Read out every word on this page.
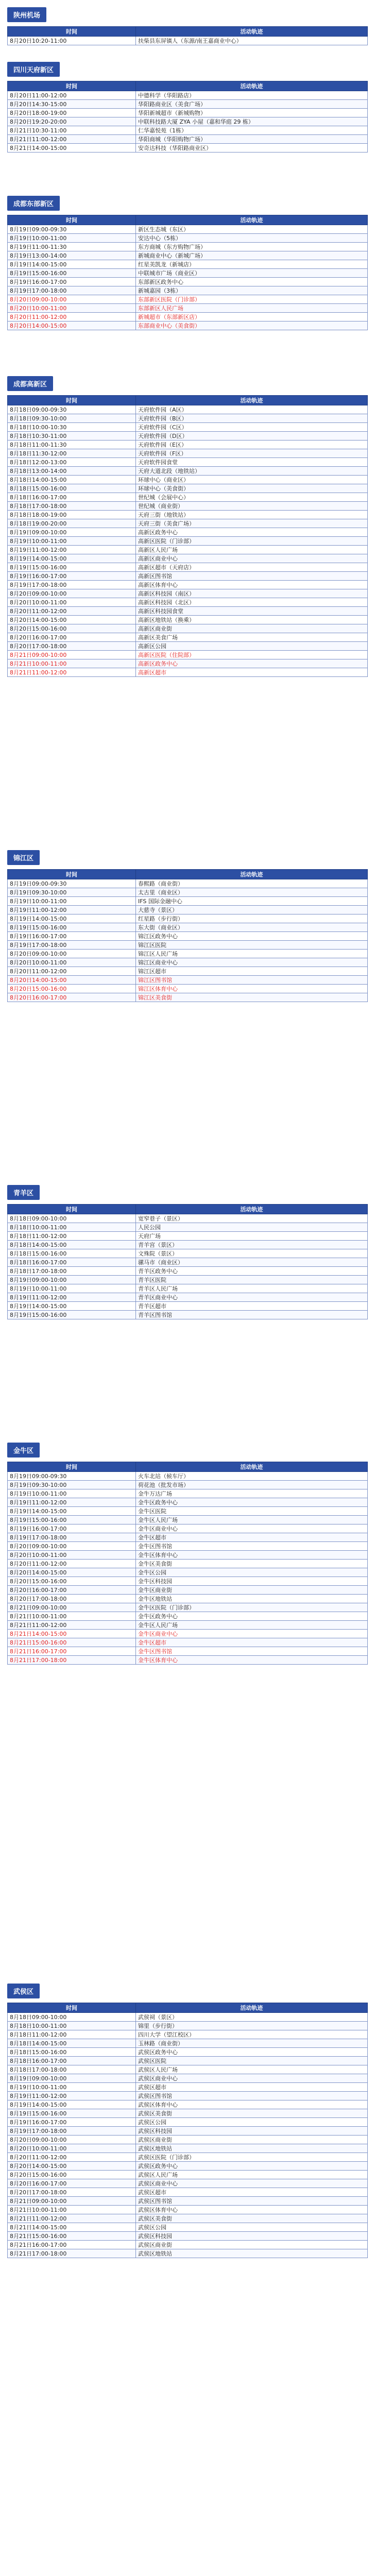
陕州机场
时间	活动轨迹
8月20日10:20-11:00	扶柴县东屏镇人（东源/南王嘉商业中心）
四川天府新区
时间	活动轨迹
8月20日11:00-12:00	中德科学（华阳路店）
8月20日14:30-15:00	华阳路商业区（美食广场）
8月20日18:00-19:00	华阳新城超市（新城购物）
8月20日19:20-20:00	中联科技路大厦 ZYA 小屋（嘉和华庭 29 栋）
8月21日10:30-11:00	仁华嘉悦苑（1栋）
8月21日11:00-12:00	华阳商城（华阳购物广场）
8月21日14:00-15:00	安奇达科技（华阳路商业区）
成都东部新区
时间	活动轨迹
8月19日09:00-09:30	新区生态城（东区）
8月19日10:00-11:00	安达中心（5栋）
8月19日11:00-11:30	东方商城（东方购物广场）
8月19日13:00-14:00	新城商业中心（新城广场）
8月19日14:00-15:00	红星美凯龙（新城店）
8月19日15:00-16:00	中联城市广场（商业区）
8月19日16:00-17:00	东部新区政务中心
8月19日17:00-18:00	新城嘉园（3栋）
8月20日09:00-10:00	东部新区医院（门诊部）
8月20日10:00-11:00	东部新区人民广场
8月20日11:00-12:00	新城超市（东部新区店）
8月20日14:00-15:00	东部商业中心（美食街）
成都高新区
时间	活动轨迹
8月18日09:00-09:30	天府软件园（A区）
8月18日09:30-10:00	天府软件园（B区）
8月18日10:00-10:30	天府软件园（C区）
8月18日10:30-11:00	天府软件园（D区）
8月18日11:00-11:30	天府软件园（E区）
8月18日11:30-12:00	天府软件园（F区）
8月18日12:00-13:00	天府软件园食堂
8月18日13:00-14:00	天府大道北段（地铁站）
8月18日14:00-15:00	环球中心（商业区）
8月18日15:00-16:00	环球中心（美食街）
8月18日16:00-17:00	世纪城（会展中心）
8月18日17:00-18:00	世纪城（商业街）
8月18日18:00-19:00	天府三街（地铁站）
8月18日19:00-20:00	天府三街（美食广场）
8月19日09:00-10:00	高新区政务中心
8月19日10:00-11:00	高新区医院（门诊部）
8月19日11:00-12:00	高新区人民广场
8月19日14:00-15:00	高新区商业中心
8月19日15:00-16:00	高新区超市（天府店）
8月19日16:00-17:00	高新区图书馆
8月19日17:00-18:00	高新区体育中心
8月20日09:00-10:00	高新区科技园（南区）
8月20日10:00-11:00	高新区科技园（北区）
8月20日11:00-12:00	高新区科技园食堂
8月20日14:00-15:00	高新区地铁站（换乘）
8月20日15:00-16:00	高新区商业街
8月20日16:00-17:00	高新区美食广场
8月20日17:00-18:00	高新区公园
8月21日09:00-10:00	高新区医院（住院部）
8月21日10:00-11:00	高新区政务中心
8月21日11:00-12:00	高新区超市
锦江区
时间	活动轨迹
8月19日09:00-09:30	春熙路（商业街）
8月19日09:30-10:00	太古里（商业区）
8月19日10:00-11:00	IFS 国际金融中心
8月19日11:00-12:00	大慈寺（景区）
8月19日14:00-15:00	红星路（步行街）
8月19日15:00-16:00	东大街（商业区）
8月19日16:00-17:00	锦江区政务中心
8月19日17:00-18:00	锦江区医院
8月20日09:00-10:00	锦江区人民广场
8月20日10:00-11:00	锦江区商业中心
8月20日11:00-12:00	锦江区超市
8月20日14:00-15:00	锦江区图书馆
8月20日15:00-16:00	锦江区体育中心
8月20日16:00-17:00	锦江区美食街
青羊区
时间	活动轨迹
8月18日09:00-10:00	宽窄巷子（景区）
8月18日10:00-11:00	人民公园
8月18日11:00-12:00	天府广场
8月18日14:00-15:00	青羊宫（景区）
8月18日15:00-16:00	文殊院（景区）
8月18日16:00-17:00	骡马市（商业区）
8月18日17:00-18:00	青羊区政务中心
8月19日09:00-10:00	青羊区医院
8月19日10:00-11:00	青羊区人民广场
8月19日11:00-12:00	青羊区商业中心
8月19日14:00-15:00	青羊区超市
8月19日15:00-16:00	青羊区图书馆
金牛区
时间	活动轨迹
8月19日09:00-09:30	火车北站（候车厅）
8月19日09:30-10:00	荷花池（批发市场）
8月19日10:00-11:00	金牛万达广场
8月19日11:00-12:00	金牛区政务中心
8月19日14:00-15:00	金牛区医院
8月19日15:00-16:00	金牛区人民广场
8月19日16:00-17:00	金牛区商业中心
8月19日17:00-18:00	金牛区超市
8月20日09:00-10:00	金牛区图书馆
8月20日10:00-11:00	金牛区体育中心
8月20日11:00-12:00	金牛区美食街
8月20日14:00-15:00	金牛区公园
8月20日15:00-16:00	金牛区科技园
8月20日16:00-17:00	金牛区商业街
8月20日17:00-18:00	金牛区地铁站
8月21日09:00-10:00	金牛区医院（门诊部）
8月21日10:00-11:00	金牛区政务中心
8月21日11:00-12:00	金牛区人民广场
8月21日14:00-15:00	金牛区商业中心
8月21日15:00-16:00	金牛区超市
8月21日16:00-17:00	金牛区图书馆
8月21日17:00-18:00	金牛区体育中心
武侯区
时间	活动轨迹
8月18日09:00-10:00	武侯祠（景区）
8月18日10:00-11:00	锦里（步行街）
8月18日11:00-12:00	四川大学（望江校区）
8月18日14:00-15:00	玉林路（商业街）
8月18日15:00-16:00	武侯区政务中心
8月18日16:00-17:00	武侯区医院
8月18日17:00-18:00	武侯区人民广场
8月19日09:00-10:00	武侯区商业中心
8月19日10:00-11:00	武侯区超市
8月19日11:00-12:00	武侯区图书馆
8月19日14:00-15:00	武侯区体育中心
8月19日15:00-16:00	武侯区美食街
8月19日16:00-17:00	武侯区公园
8月19日17:00-18:00	武侯区科技园
8月20日09:00-10:00	武侯区商业街
8月20日10:00-11:00	武侯区地铁站
8月20日11:00-12:00	武侯区医院（门诊部）
8月20日14:00-15:00	武侯区政务中心
8月20日15:00-16:00	武侯区人民广场
8月20日16:00-17:00	武侯区商业中心
8月20日17:00-18:00	武侯区超市
8月21日09:00-10:00	武侯区图书馆
8月21日10:00-11:00	武侯区体育中心
8月21日11:00-12:00	武侯区美食街
8月21日14:00-15:00	武侯区公园
8月21日15:00-16:00	武侯区科技园
8月21日16:00-17:00	武侯区商业街
8月21日17:00-18:00	武侯区地铁站
